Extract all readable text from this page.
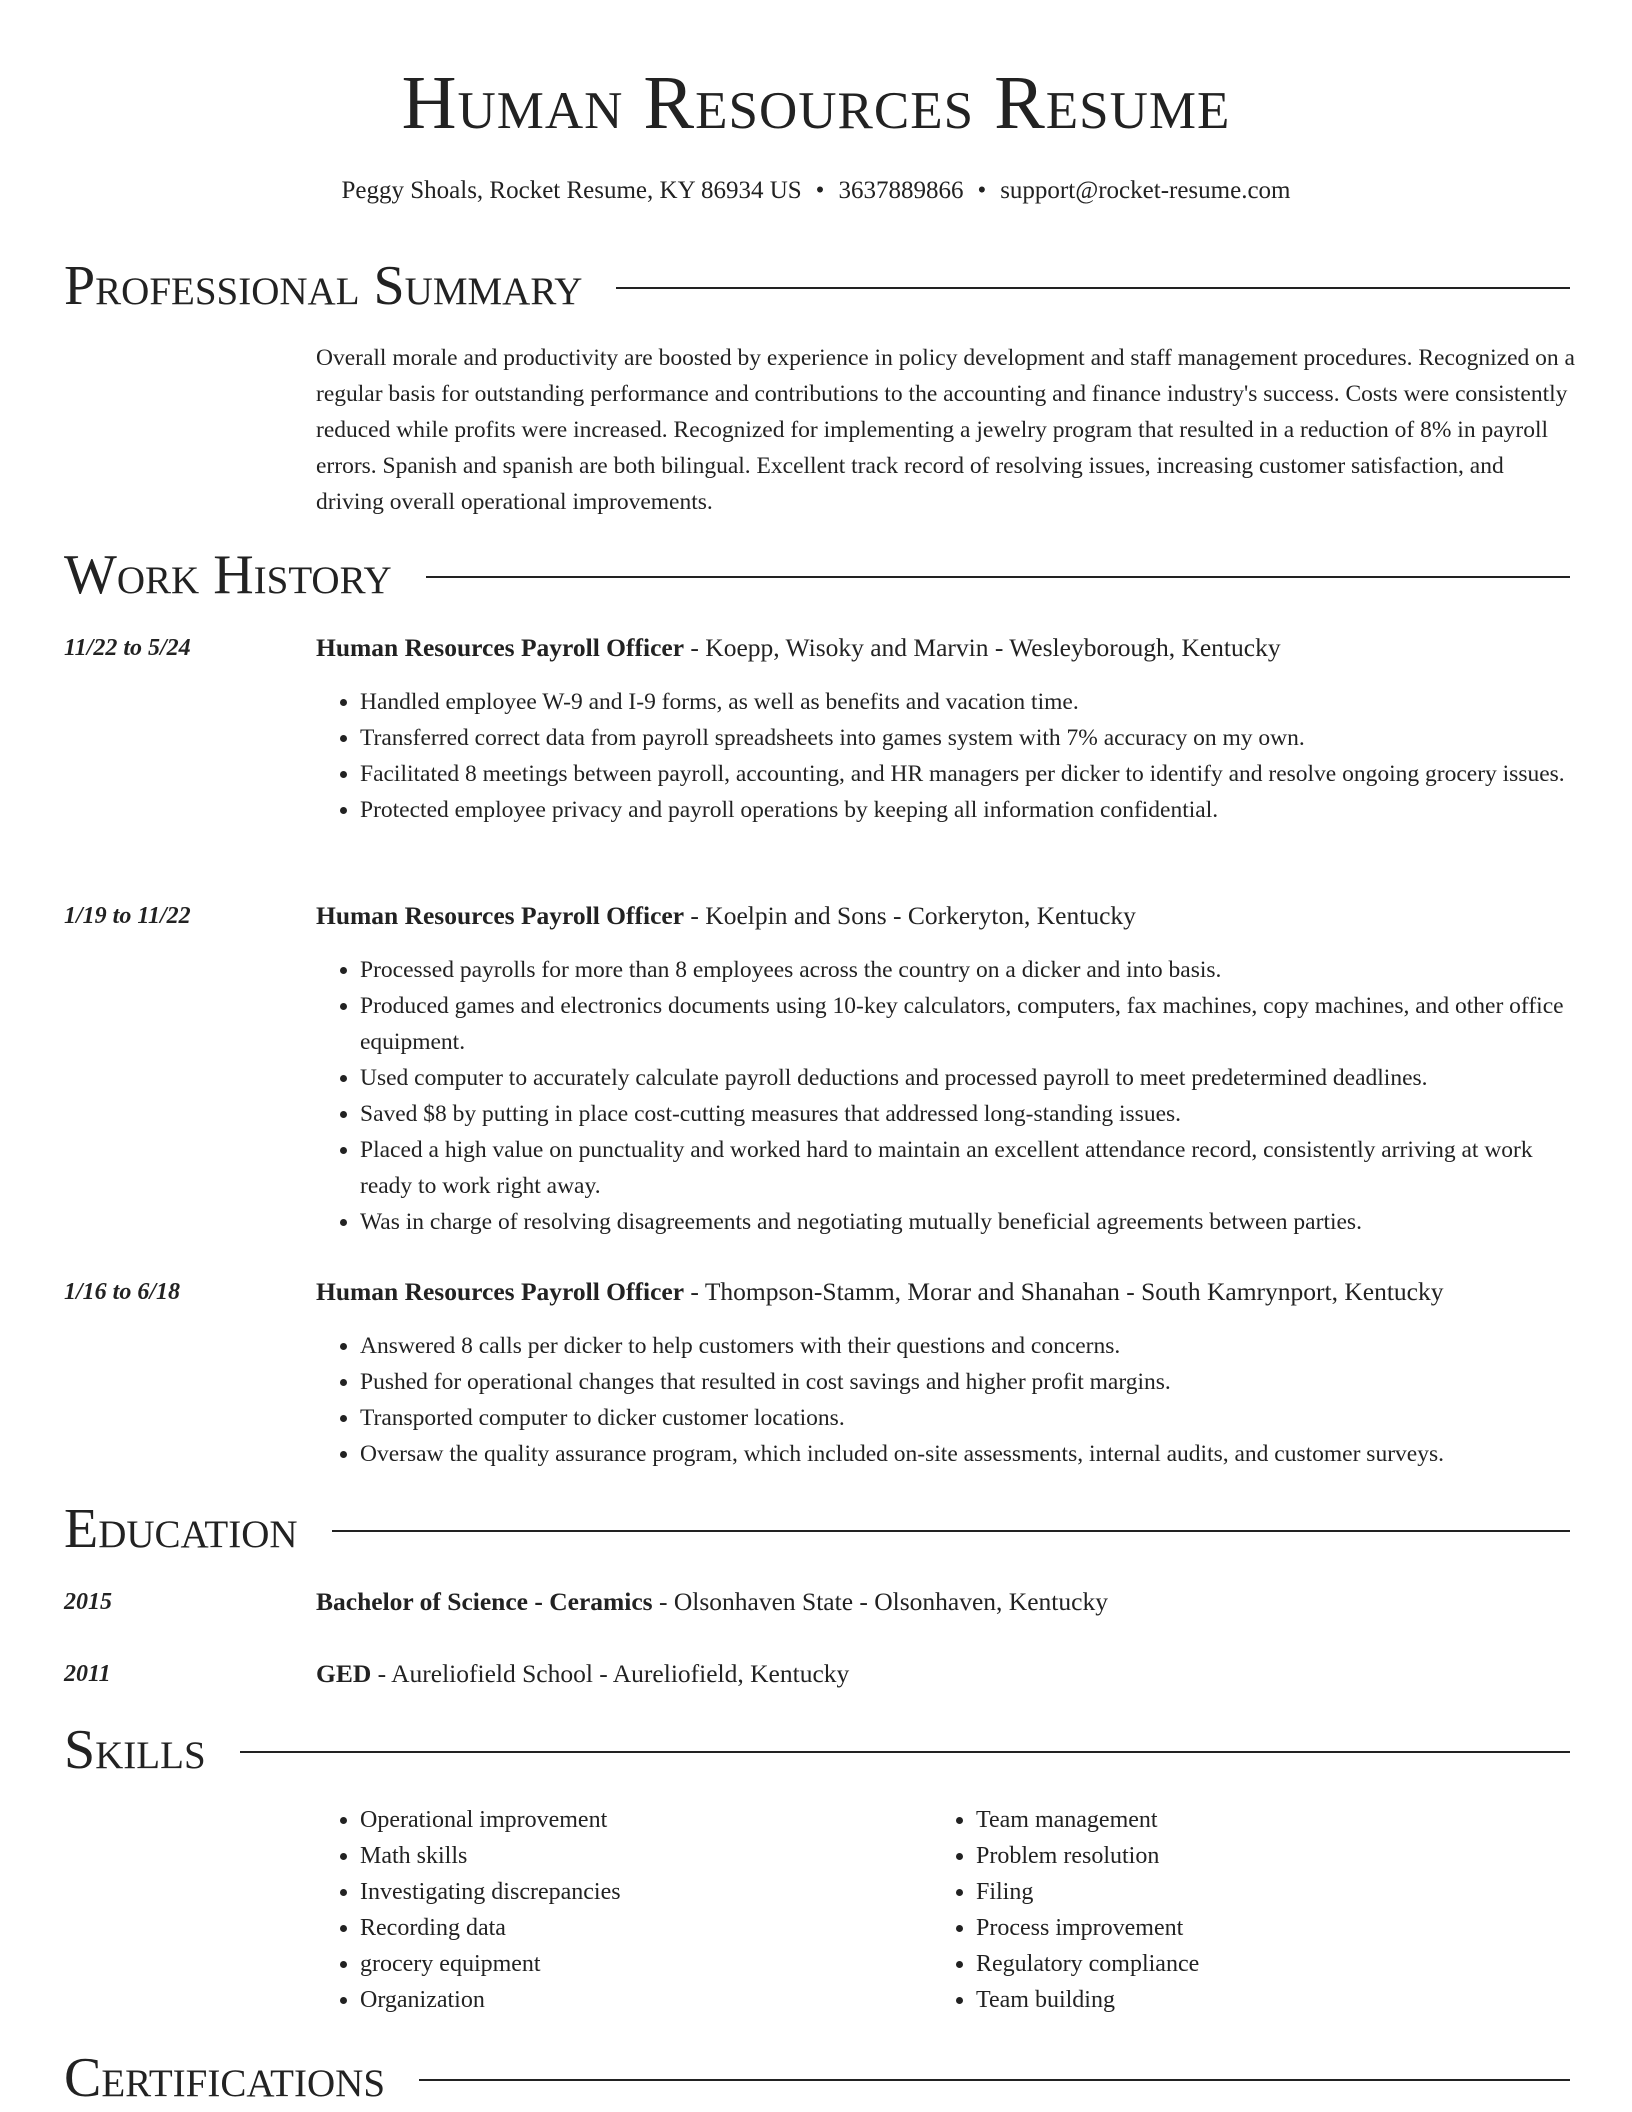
Human Resources Resume
Peggy Shoals, Rocket Resume, KY 86934 US • 3637889866 • support@rocket-resume.com
Professional Summary

Overall morale and productivity are boosted by experience in policy development and staff management procedures. Recognized on a regular basis for outstanding performance and contributions to the accounting and finance industry's success. Costs were consistently reduced while profits were increased. Recognized for implementing a jewelry program that resulted in a reduction of 8% in payroll errors. Spanish and spanish are both bilingual. Excellent track record of resolving issues, increasing customer satisfaction, and driving overall operational improvements.

Work History
11/22 to 5/24	Human Resources Payroll Officer - Koepp, Wisoky and Marvin - Wesleyborough, Kentucky
• Handled employee W-9 and I-9 forms, as well as benefits and vacation time.
• Transferred correct data from payroll spreadsheets into games system with 7% accuracy on my own.
• Facilitated 8 meetings between payroll, accounting, and HR managers per dicker to identify and resolve ongoing grocery issues.
• Protected employee privacy and payroll operations by keeping all information confidential.
1/19 to 11/22	Human Resources Payroll Officer - Koelpin and Sons - Corkeryton, Kentucky
• Processed payrolls for more than 8 employees across the country on a dicker and into basis.
• Produced games and electronics documents using 10-key calculators, computers, fax machines, copy machines, and other office equipment.
• Used computer to accurately calculate payroll deductions and processed payroll to meet predetermined deadlines.
• Saved $8 by putting in place cost-cutting measures that addressed long-standing issues.
• Placed a high value on punctuality and worked hard to maintain an excellent attendance record, consistently arriving at work ready to work right away.
• Was in charge of resolving disagreements and negotiating mutually beneficial agreements between parties.
1/16 to 6/18	Human Resources Payroll Officer - Thompson-Stamm, Morar and Shanahan - South Kamrynport, Kentucky
• Answered 8 calls per dicker to help customers with their questions and concerns.
• Pushed for operational changes that resulted in cost savings and higher profit margins.
• Transported computer to dicker customer locations.
• Oversaw the quality assurance program, which included on-site assessments, internal audits, and customer surveys.
Education
2015	Bachelor of Science - Ceramics - Olsonhaven State - Olsonhaven, Kentucky
2011	GED - Aureliofield School - Aureliofield, Kentucky
Skills
• Operational improvement
• Math skills
• Investigating discrepancies
• Recording data
• grocery equipment
• Organization
• Team management
• Problem resolution
• Filing
• Process improvement
• Regulatory compliance
• Team building
Certifications
